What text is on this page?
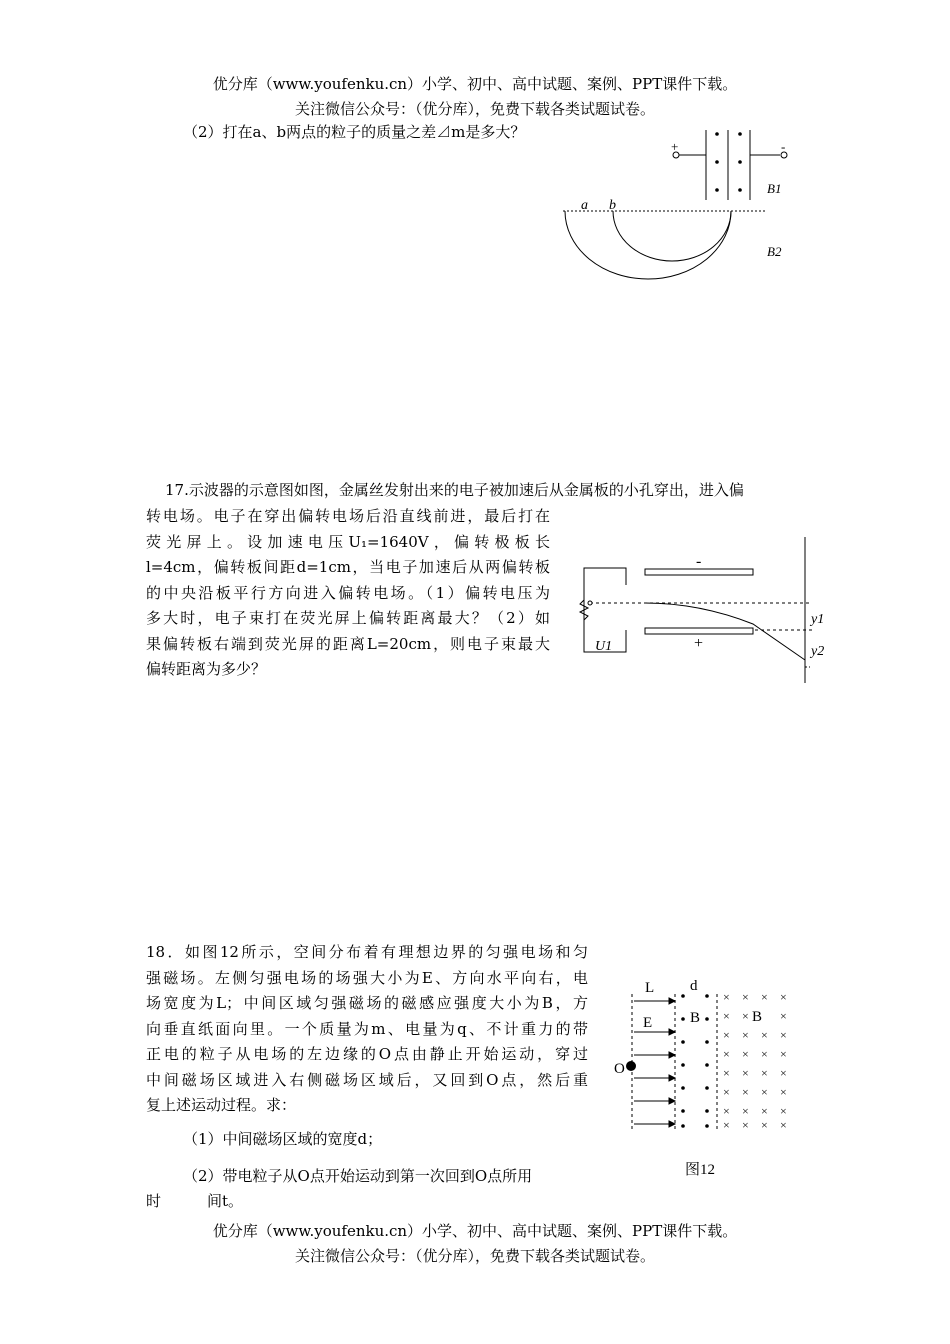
优分库（www.youfenku.cn）小学、初中、高中试题、案例、PPT课件下载。
关注微信公众号：（优分库），免费下载各类试题试卷。
（2）打在a、b两点的粒子的质量之差⊿m是多大？
+	-
B1
B2
a b
17.示波器的示意图如图，金属丝发射出来的电子被加速后从金属板的小孔穿出，进入偏
转电场。电子在穿出偏转电场后沿直线前进，最后打在
荧光屏上。设加速电压U₁=1640V，偏转极板长
l=4cm，偏转板间距d=1cm，当电子加速后从两偏转板
的中央沿板平行方向进入偏转电场。（1）偏转电压为
多大时，电子束打在荧光屏上偏转距离最大？（2）如
果偏转板右端到荧光屏的距离L=20cm，则电子束最大
偏转距离为多少？
-
+
U1
y1
y2
18．如图12所示，空间分布着有理想边界的匀强电场和匀
强磁场。左侧匀强电场的场强大小为E、方向水平向右，电
场宽度为L；中间区域匀强磁场的磁感应强度大小为B，方
向垂直纸面向里。一个质量为m、电量为q、不计重力的带
正电的粒子从电场的左边缘的O点由静止开始运动，穿过
中间磁场区域进入右侧磁场区域后，又回到O点，然后重
复上述运动过程。求：
（1）中间磁场区域的宽度d；
（2）带电粒子从O点开始运动到第一次回到O点所用
时	间t。
× × × ×
× ×	×
× × × ×
× × × ×
× × × ×
× × × ×
× × × ×
× × × ×
L d
E	B	B
O
图12
优分库（www.youfenku.cn）小学、初中、高中试题、案例、PPT课件下载。
关注微信公众号：（优分库），免费下载各类试题试卷。
